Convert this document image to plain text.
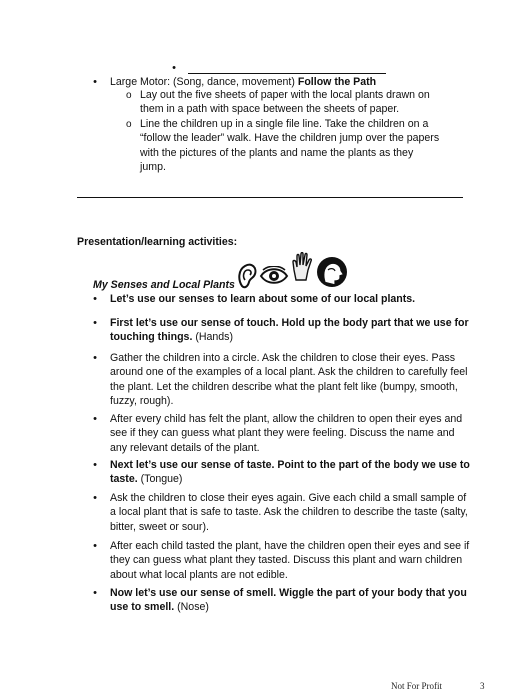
•
•
Large Motor: (Song, dance, movement) Follow the Path
o
Lay out the five sheets of paper with the local plants drawn on them in a path with space between the sheets of paper.
o
Line the children up in a single file line. Take the children on a “follow the leader” walk. Have the children jump over the papers with the pictures of the plants and name the plants as they jump.
Presentation/learning activities:
My Senses and Local Plants
•
Let’s use our senses to learn about some of our local plants.
•
First let’s use our sense of touch. Hold up the body part that we use for touching things. (Hands)
•
Gather the children into a circle. Ask the children to close their eyes. Pass around one of the examples of a local plant. Ask the children to carefully feel the plant. Let the children describe what the plant felt like (bumpy, smooth, fuzzy, rough).
•
After every child has felt the plant, allow the children to open their eyes and see if they can guess what plant they were feeling. Discuss the name and any relevant details of the plant.
•
Next let’s use our sense of taste. Point to the part of the body we use to taste. (Tongue)
•
Ask the children to close their eyes again. Give each child a small sample of a local plant that is safe to taste. Ask the children to describe the taste (salty, bitter, sweet or sour).
•
After each child tasted the plant, have the children open their eyes and see if they can guess what plant they tasted. Discuss this plant and warn children about what local plants are not edible.
•
Now let’s use our sense of smell. Wiggle the part of your body that you use to smell. (Nose)
Not For Profit	3
